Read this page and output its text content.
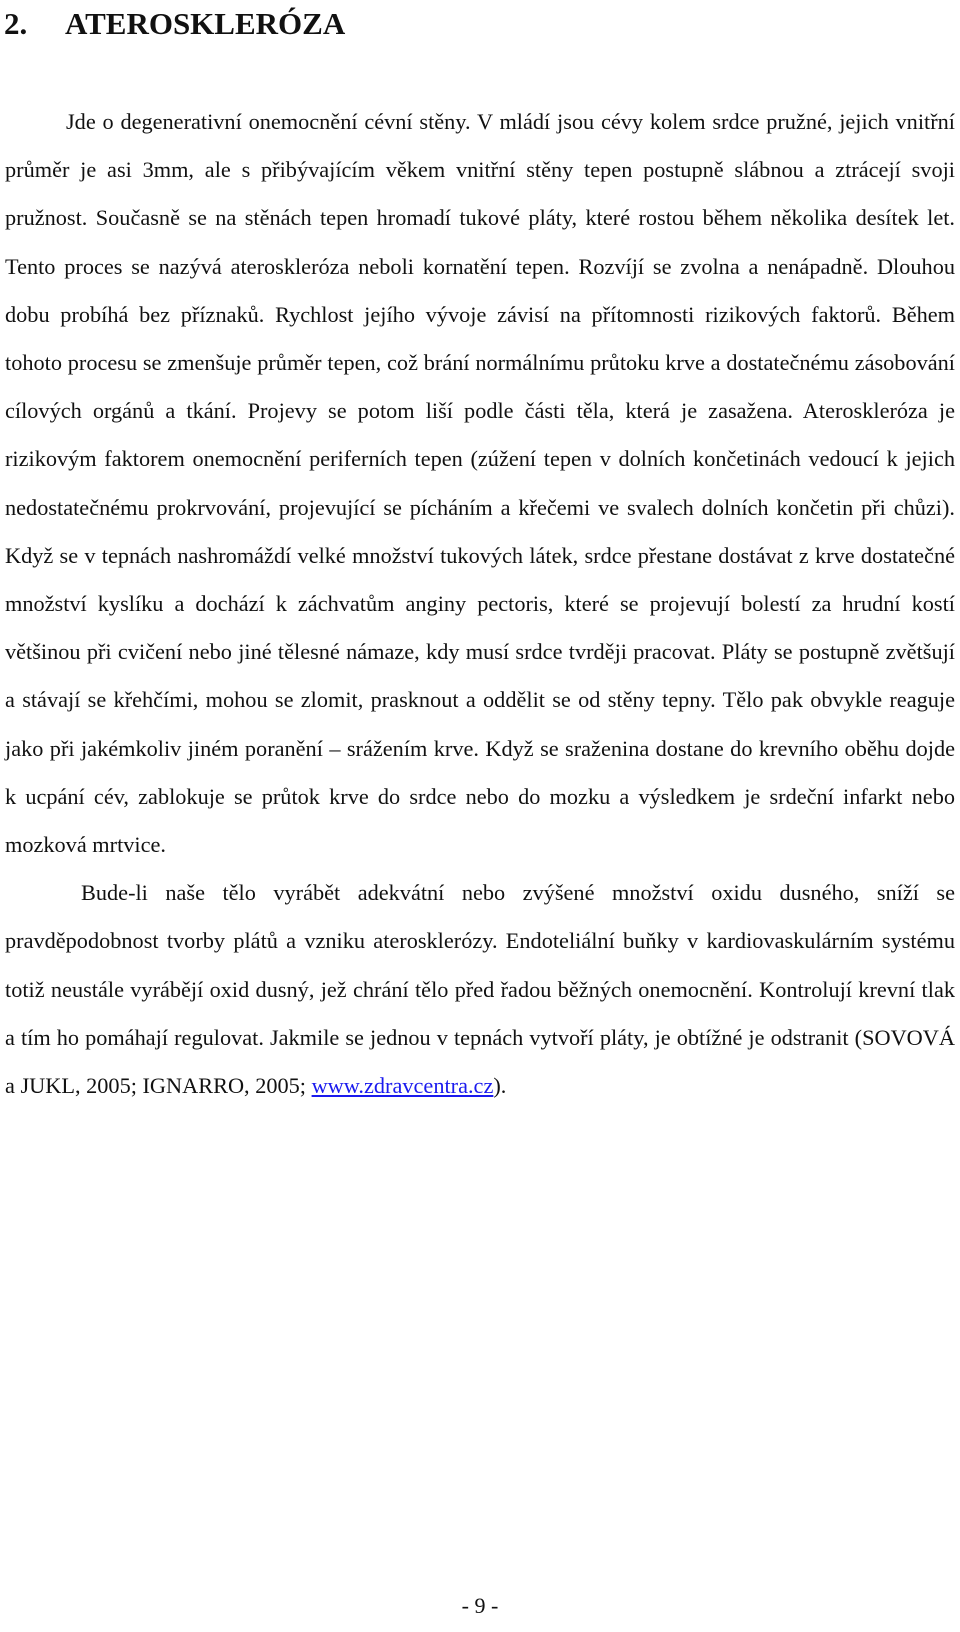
2. ATEROSKLERÓZA

Jde o degenerativní onemocnění cévní stěny. V mládí jsou cévy kolem srdce pružné, jejich vnitřní průměr je asi 3mm, ale s přibývajícím věkem vnitřní stěny tepen postupně slábnou a ztrácejí svoji pružnost. Současně se na stěnách tepen hromadí tukové pláty, které rostou během několika desítek let. Tento proces se nazývá ateroskleróza neboli kornatění tepen. Rozvíjí se zvolna a nenápadně. Dlouhou dobu probíhá bez příznaků. Rychlost jejího vývoje závisí na přítomnosti rizikových faktorů. Během tohoto procesu se zmenšuje průměr tepen, což brání normálnímu průtoku krve a dostatečnému zásobování cílových orgánů a tkání. Projevy se potom liší podle části těla, která je zasažena. Ateroskleróza je rizikovým faktorem onemocnění periferních tepen (zúžení tepen v dolních končetinách vedoucí k jejich nedostatečnému prokrvování, projevující se pícháním a křečemi ve svalech dolních končetin při chůzi). Když se v tepnách nashromáždí velké množství tukových látek, srdce přestane dostávat z krve dostatečné množství kyslíku a dochází k záchvatům anginy pectoris, které se projevují bolestí za hrudní kostí většinou při cvičení nebo jiné tělesné námaze, kdy musí srdce tvrději pracovat. Pláty se postupně zvětšují a stávají se křehčími, mohou se zlomit, prasknout a oddělit se od stěny tepny. Tělo pak obvykle reaguje jako při jakémkoliv jiném poranění – srážením krve. Když se sraženina dostane do krevního oběhu dojde k ucpání cév, zablokuje se průtok krve do srdce nebo do mozku a výsledkem je srdeční infarkt nebo mozková mrtvice.

Bude-li naše tělo vyrábět adekvátní nebo zvýšené množství oxidu dusného, sníží se pravděpodobnost tvorby plátů a vzniku aterosklerózy. Endoteliální buňky v kardiovaskulárním systému totiž neustále vyrábějí oxid dusný, jež chrání tělo před řadou běžných onemocnění. Kontrolují krevní tlak a tím ho pomáhají regulovat. Jakmile se jednou v tepnách vytvoří pláty, je obtížné je odstranit (SOVOVÁ a JUKL, 2005; IGNARRO, 2005; www.zdravcentra.cz).

- 9 -
